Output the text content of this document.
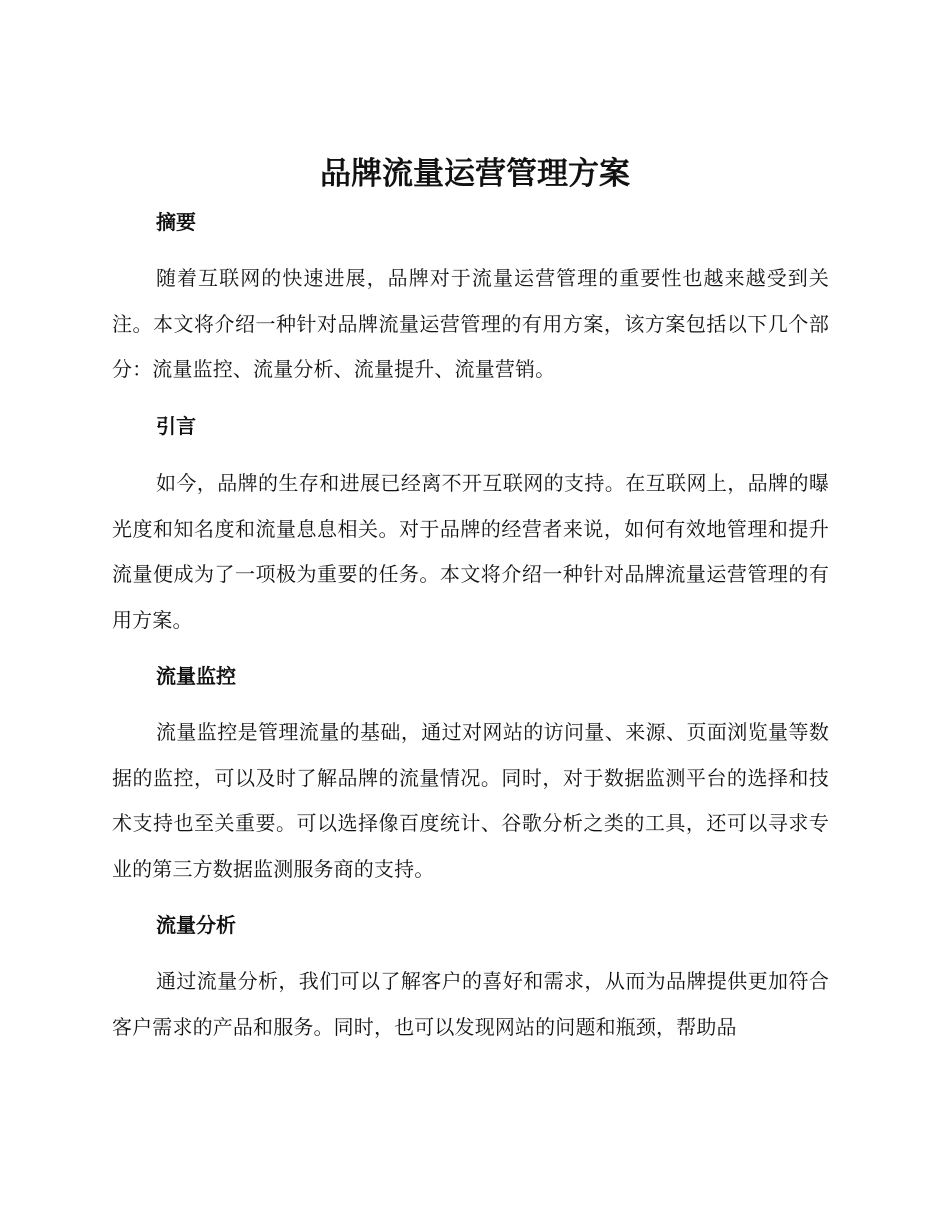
品牌流量运营管理方案
摘要

随着互联网的快速进展，品牌对于流量运营管理的重要性也越来越受到关注。本文将介绍一种针对品牌流量运营管理的有用方案，该方案包括以下几个部分：流量监控、流量分析、流量提升、流量营销。

引言

如今，品牌的生存和进展已经离不开互联网的支持。在互联网上，品牌的曝光度和知名度和流量息息相关。对于品牌的经营者来说，如何有效地管理和提升流量便成为了一项极为重要的任务。本文将介绍一种针对品牌流量运营管理的有用方案。

流量监控

流量监控是管理流量的基础，通过对网站的访问量、来源、页面浏览量等数据的监控，可以及时了解品牌的流量情况。同时，对于数据监测平台的选择和技术支持也至关重要。可以选择像百度统计、谷歌分析之类的工具，还可以寻求专业的第三方数据监测服务商的支持。

流量分析

通过流量分析，我们可以了解客户的喜好和需求，从而为品牌提供更加符合客户需求的产品和服务。同时，也可以发现网站的问题和瓶颈，帮助品
